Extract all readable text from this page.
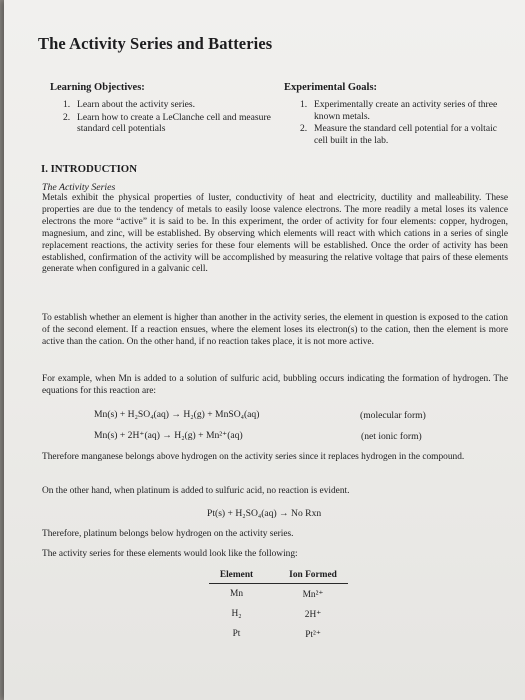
The Activity Series and Batteries
Learning Objectives:
1. Learn about the activity series.
2. Learn how to create a LeClanche cell and measure standard cell potentials
Experimental Goals:
1. Experimentally create an activity series of three known metals.
2. Measure the standard cell potential for a voltaic cell built in the lab.
I. INTRODUCTION
The Activity Series
Metals exhibit the physical properties of luster, conductivity of heat and electricity, ductility and malleability. These properties are due to the tendency of metals to easily loose valence electrons. The more readily a metal loses its valence electrons the more “active” it is said to be. In this experiment, the order of activity for four elements: copper, hydrogen, magnesium, and zinc, will be established. By observing which elements will react with which cations in a series of single replacement reactions, the activity series for these four elements will be established. Once the order of activity has been established, confirmation of the activity will be accomplished by measuring the relative voltage that pairs of these elements generate when configured in a galvanic cell.
To establish whether an element is higher than another in the activity series, the element in question is exposed to the cation of the second element. If a reaction ensues, where the element loses its electron(s) to the cation, then the element is more active than the cation. On the other hand, if no reaction takes place, it is not more active.
For example, when Mn is added to a solution of sulfuric acid, bubbling occurs indicating the formation of hydrogen. The equations for this reaction are:
Mn(s) + H₂SO₄(aq) → H₂(g) + MnSO₄(aq)	(molecular form)
Mn(s) + 2H⁺(aq) → H₂(g) + Mn²⁺(aq)	(net ionic form)
Therefore manganese belongs above hydrogen on the activity series since it replaces hydrogen in the compound.
On the other hand, when platinum is added to sulfuric acid, no reaction is evident.
Pt(s) + H₂SO₄(aq) → No Rxn
Therefore, platinum belongs below hydrogen on the activity series.
The activity series for these elements would look like the following:
Element	Ion Formed
Mn	Mn²⁺
H₂	2H⁺
Pt	Pt²⁺
